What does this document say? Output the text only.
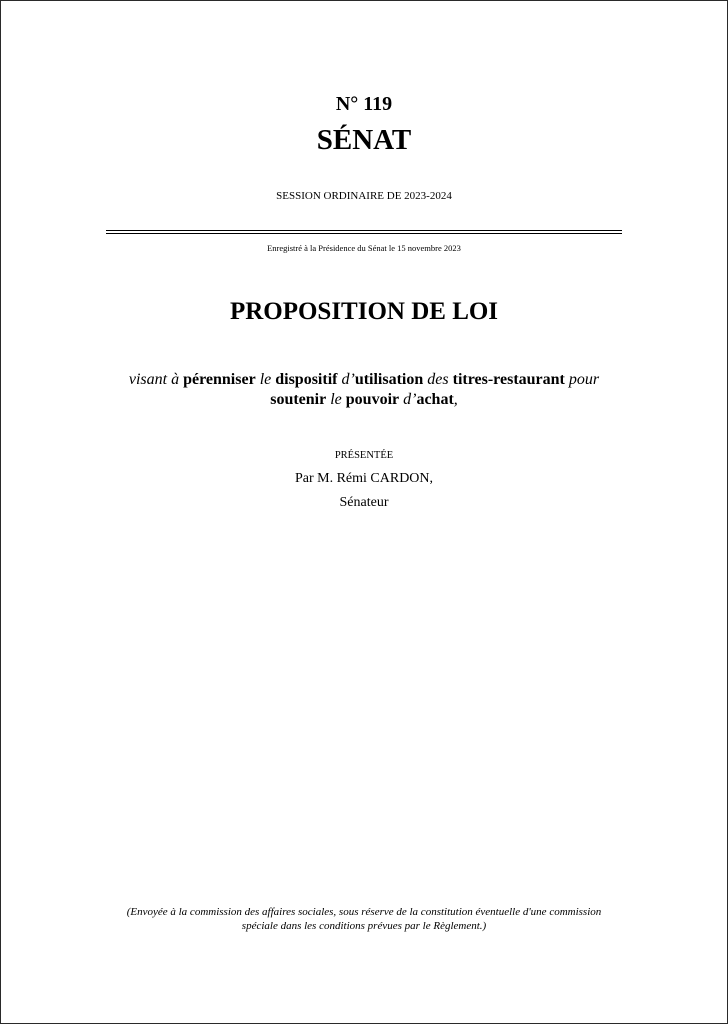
N° 119
SÉNAT
SESSION ORDINAIRE DE 2023-2024
Enregistré à la Présidence du Sénat le 15 novembre 2023
PROPOSITION DE LOI
visant à pérenniser le dispositif d’utilisation des titres-restaurant pour
soutenir le pouvoir d’achat,
PRÉSENTÉE
Par M. Rémi CARDON,
Sénateur
(Envoyée à la commission des affaires sociales, sous réserve de la constitution éventuelle d'une commission
spéciale dans les conditions prévues par le Règlement.)
